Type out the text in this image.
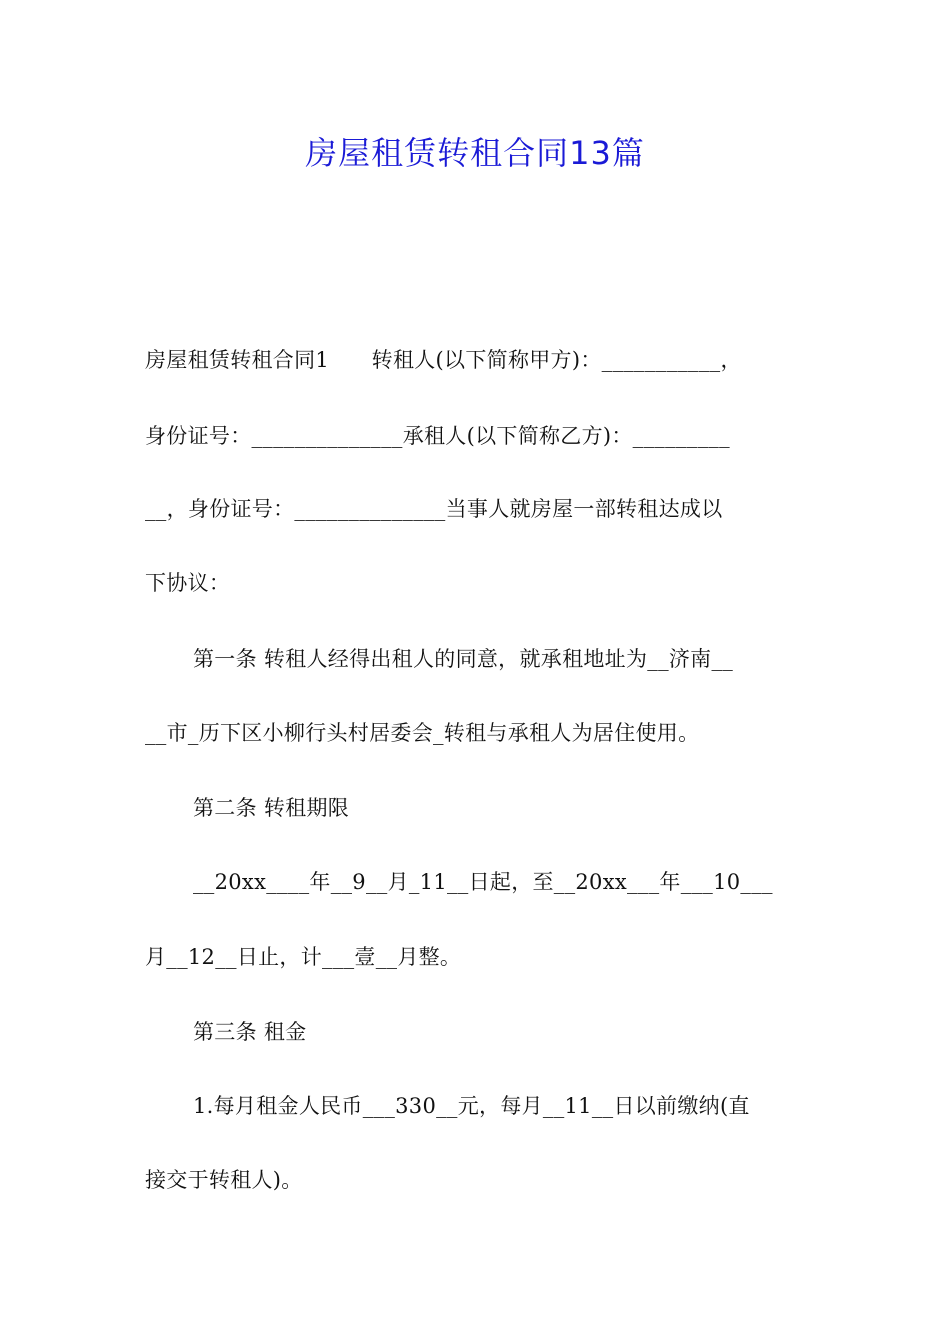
房屋租赁转租合同13篇
房屋租赁转租合同1　　转租人(以下简称甲方)：___________，
身份证号：______________承租人(以下简称乙方)：_________
__，身份证号：______________当事人就房屋一部转租达成以
下协议：
第一条 转租人经得出租人的同意，就承租地址为__济南__
__市_历下区小柳行头村居委会_转租与承租人为居住使用。
第二条 转租期限
__20xx____年__9__月_11__日起，至__20xx___年___10___
月__12__日止，计___壹__月整。
第三条 租金
1.每月租金人民币___330__元，每月__11__日以前缴纳(直
接交于转租人)。
